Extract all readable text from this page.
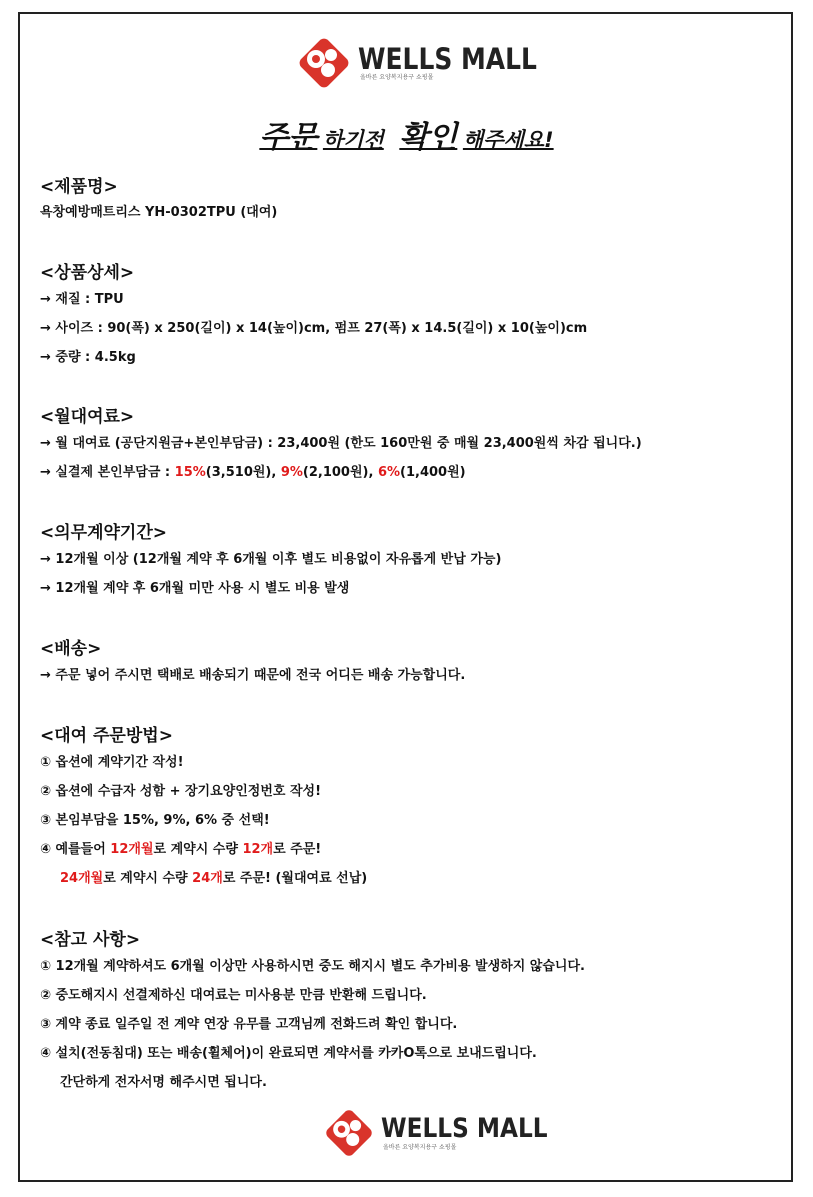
WELLS MALL
올바른 요양복지용구 쇼핑몰
주문 하기전 확인 해주세요!
<제품명>
욕창예방매트리스 YH-0302TPU (대여)
<상품상세>
→ 재질 : TPU
→ 사이즈 : 90(폭) x 250(길이) x 14(높이)cm, 펌프 27(폭) x 14.5(길이) x 10(높이)cm
→ 중량 : 4.5kg
<월대여료>
→ 월 대여료 (공단지원금+본인부담금) : 23,400원 (한도 160만원 중 매월 23,400원씩 차감 됩니다.)
→ 실결제 본인부담금 : 15%(3,510원), 9%(2,100원), 6%(1,400원)
<의무계약기간>
→ 12개월 이상 (12개월 계약 후 6개월 이후 별도 비용없이 자유롭게 반납 가능)
→ 12개월 계약 후 6개월 미만 사용 시 별도 비용 발생
<배송>
→ 주문 넣어 주시면 택배로 배송되기 때문에 전국 어디든 배송 가능합니다.
<대여 주문방법>
① 옵션에 계약기간 작성!
② 옵션에 수급자 성함 + 장기요양인정번호 작성!
③ 본임부담을 15%, 9%, 6% 중 선택!
④ 예를들어 12개월로 계약시 수량 12개로 주문!
24개월로 계약시 수량 24개로 주문! (월대여료 선납)
<참고 사항>
① 12개월 계약하셔도 6개월 이상만 사용하시면 중도 해지시 별도 추가비용 발생하지 않습니다.
② 중도해지시 선결제하신 대여료는 미사용분 만큼 반환해 드립니다.
③ 계약 종료 일주일 전 계약 연장 유무를 고객님께 전화드려 확인 합니다.
④ 설치(전동침대) 또는 배송(휠체어)이 완료되면 계약서를 카카O톡으로 보내드립니다.
간단하게 전자서명 해주시면 됩니다.
WELLS MALL
올바른 요양복지용구 쇼핑몰
